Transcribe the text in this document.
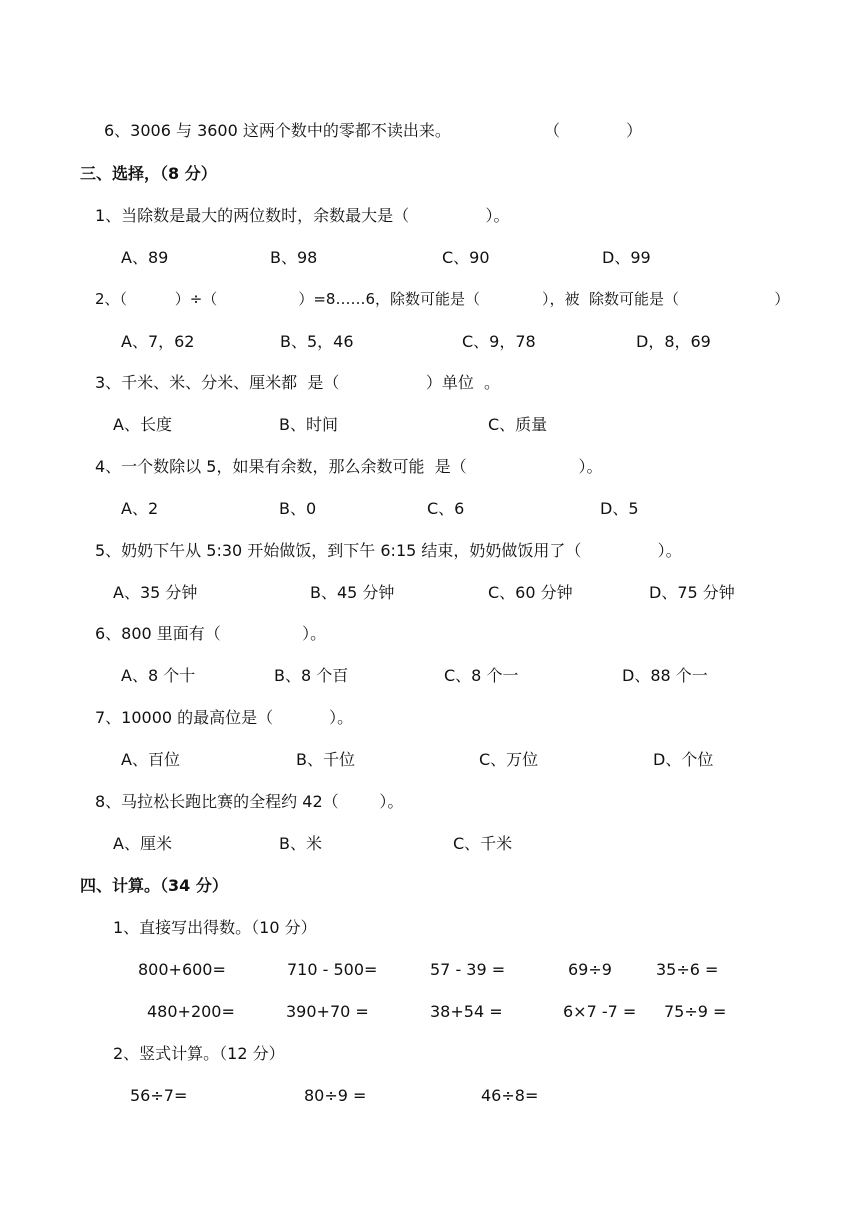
6、3006 与 3600 这两个数中的零都不读出来。	（             ）
三、选择，（8 分）
1、当除数是最大的两位数时，余数最大是（               ）。
A、89	B、98	C、90	D、99
2、（          ）÷（                 ）=8……6，除数可能是（             ），被  除数可能是（                    ）
A、7，62	B、5，46	C、9，78	D，8，69
3、千米、米、分米、厘米都  是（                 ）单位  。
A、长度	B、时间	C、质量
4、一个数除以 5，如果有余数，那么余数可能  是（                      ）。
A、2	B、0	C、6	D、5
5、奶奶下午从 5:30 开始做饭，到下午 6:15 结束，奶奶做饭用了（               ）。
A、35 分钟	B、45 分钟	C、60 分钟	D、75 分钟
6、800 里面有（                ）。
A、8 个十	B、8 个百	C、8 个一	D、88 个一
7、10000 的最高位是（           ）。
A、百位	B、千位	C、万位	D、个位
8、马拉松长跑比赛的全程约 42（        ）。
A、厘米	B、米	C、千米
四、计算。（34 分）
1、直接写出得数。（10 分）
800+600=	710 - 500=	57 - 39 =	69÷9	35÷6 =
480+200=	390+70 =	38+54 =	6×7 -7 = 75÷9 =
2、竖式计算。（12 分）
56÷7=	80÷9 =	46÷8=
